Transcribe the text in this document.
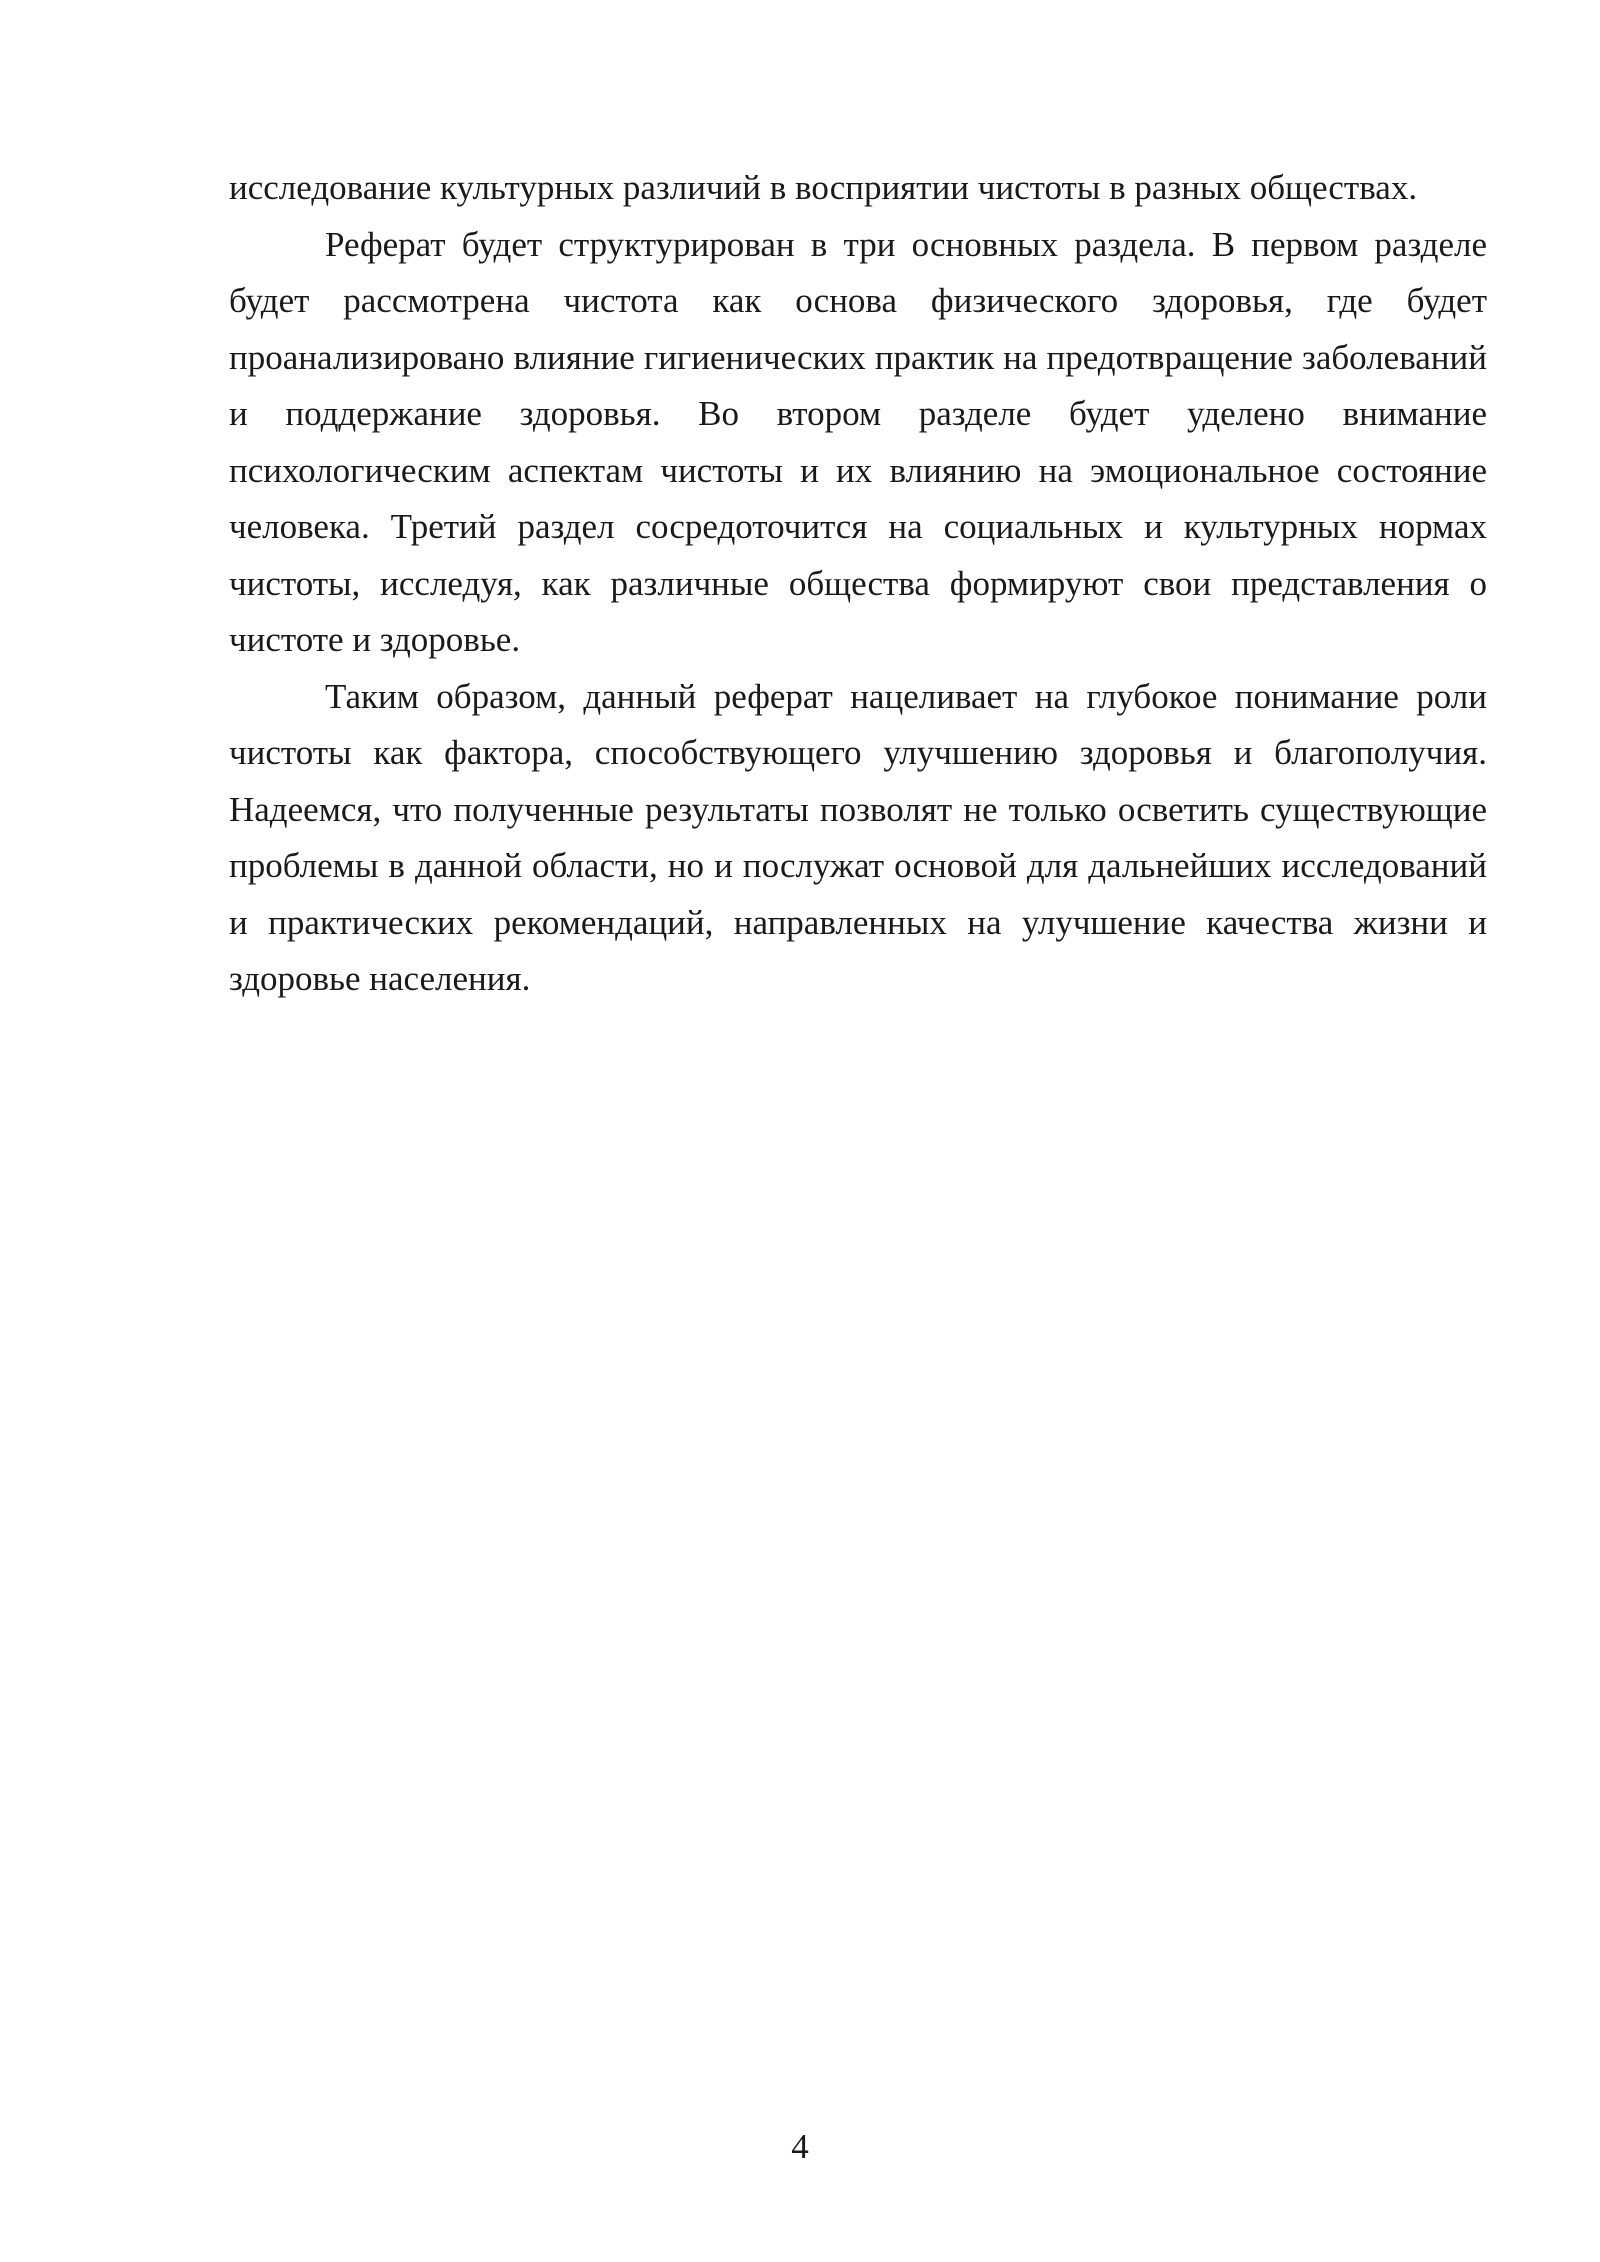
исследование культурных различий в восприятии чистоты в разных обществах.

Реферат будет структурирован в три основных раздела. В первом разделе будет рассмотрена чистота как основа физического здоровья, где будет проанализировано влияние гигиенических практик на предотвращение заболеваний и поддержание здоровья. Во втором разделе будет уделено внимание психологическим аспектам чистоты и их влиянию на эмоциональное состояние человека. Третий раздел сосредоточится на социальных и культурных нормах чистоты, исследуя, как различные общества формируют свои представления о чистоте и здоровье.

Таким образом, данный реферат нацеливает на глубокое понимание роли чистоты как фактора, способствующего улучшению здоровья и благополучия. Надеемся, что полученные результаты позволят не только осветить существующие проблемы в данной области, но и послужат основой для дальнейших исследований и практических рекомендаций, направленных на улучшение качества жизни и здоровье населения.

4
